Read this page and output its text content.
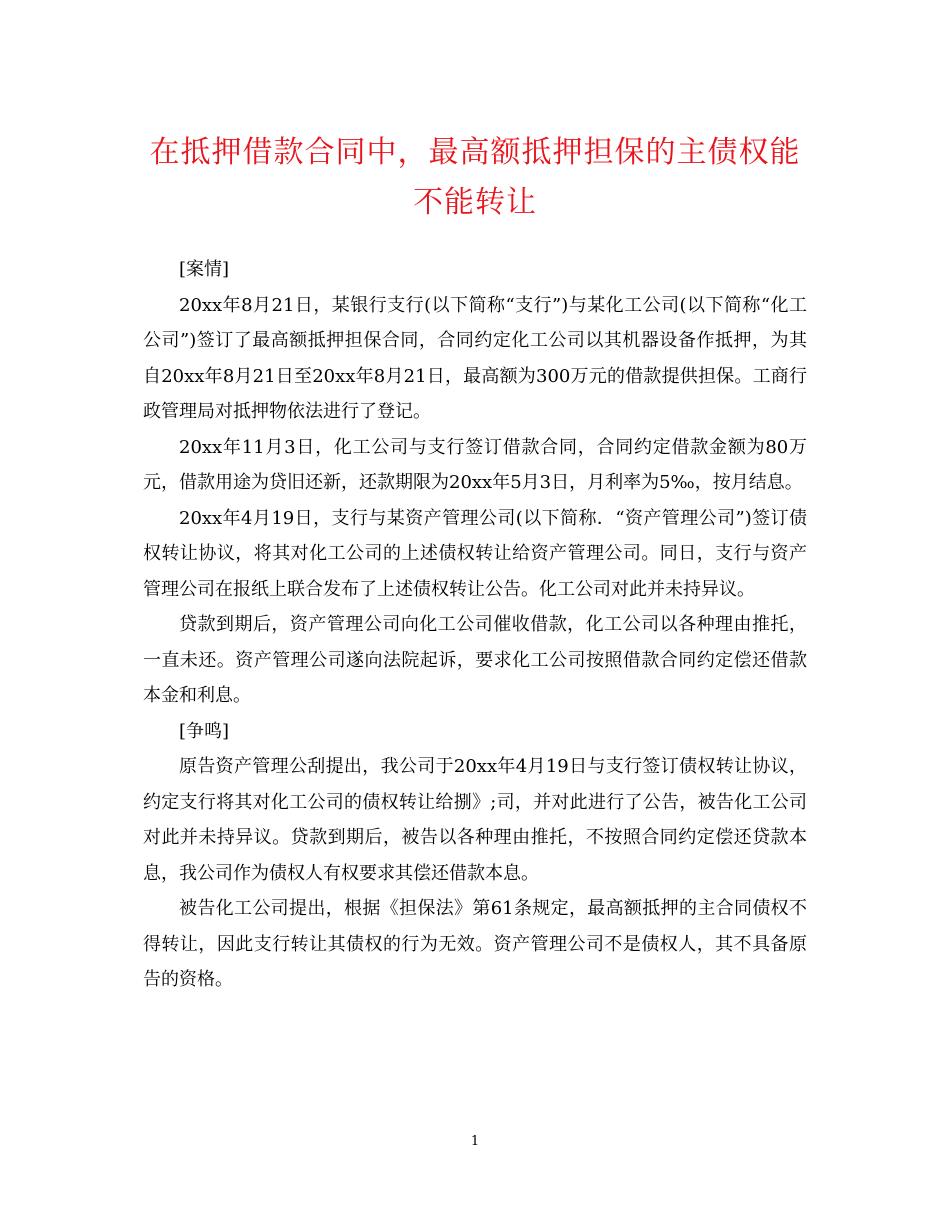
在抵押借款合同中，最高额抵押担保的主债权能不能转让

[案情]

20xx年8月21日，某银行支行(以下简称“支行”)与某化工公司(以下简称“化工公司”)签订了最高额抵押担保合同，合同约定化工公司以其机器设备作抵押，为其自20xx年8月21日至20xx年8月21日，最高额为300万元的借款提供担保。工商行政管理局对抵押物依法进行了登记。

20xx年11月3日，化工公司与支行签订借款合同，合同约定借款金额为80万元，借款用途为贷旧还新，还款期限为20xx年5月3日，月利率为5‰，按月结息。

20xx年4月19日，支行与某资产管理公司(以下简称．“资产管理公司”)签订债权转让协议，将其对化工公司的上述债权转让给资产管理公司。同日，支行与资产管理公司在报纸上联合发布了上述债权转让公告。化工公司对此并未持异议。

贷款到期后，资产管理公司向化工公司催收借款，化工公司以各种理由推托，一直未还。资产管理公司遂向法院起诉，要求化工公司按照借款合同约定偿还借款本金和利息。

[争鸣]

原告资产管理公刮提出，我公司于20xx年4月19日与支行签订债权转让协议，约定支行将其对化工公司的债权转让给捌》;司，并对此进行了公告，被告化工公司对此并未持异议。贷款到期后，被告以各种理由推托，不按照合同约定偿还贷款本息，我公司作为债权人有权要求其偿还借款本息。

被告化工公司提出，根据《担保法》第61条规定，最高额抵押的主合同债权不得转让，因此支行转让其债权的行为无效。资产管理公司不是债权人，其不具备原告的资格。

1
